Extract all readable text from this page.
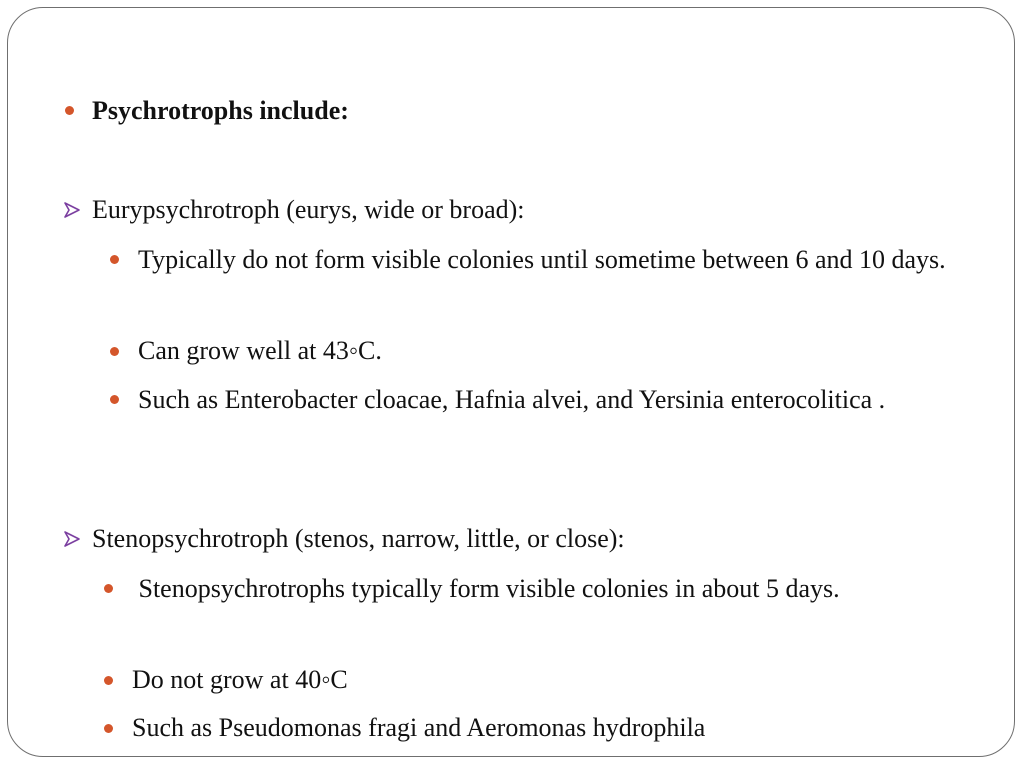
Psychrotrophs include:
Eurypsychrotroph (eurys, wide or broad):
Typically do not form visible colonies until sometime between 6 and 10 days.
Can grow well at 43◦C.
Such as Enterobacter cloacae, Hafnia alvei, and Yersinia enterocolitica .
Stenopsychrotroph (stenos, narrow, little, or close):
Stenopsychrotrophs typically form visible colonies in about 5 days.
Do not grow at 40◦C
Such as Pseudomonas fragi and Aeromonas hydrophila
